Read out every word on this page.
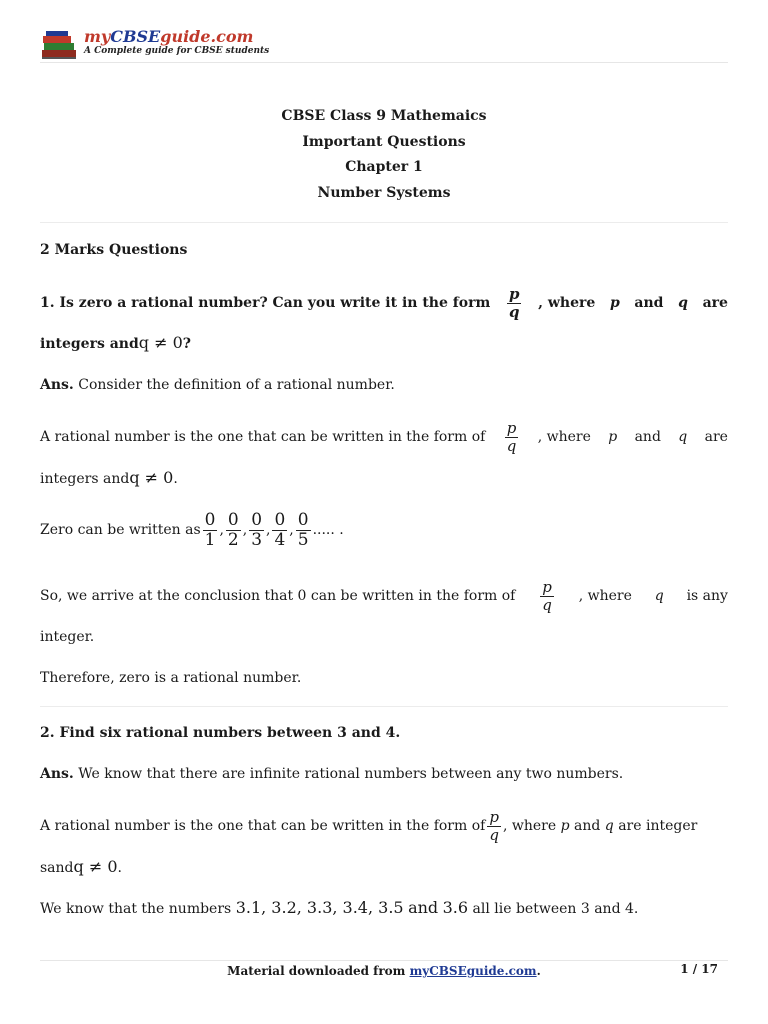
myCBSEguide.com
A Complete guide for CBSE students
CBSE Class 9 Mathemaics
Important Questions
Chapter 1
Number Systems
2 Marks Questions
1. Is zero a rational number? Can you write it in the form $\frac{p}{q}$ , where p and q are
integers andq ≠ 0?
Ans. Consider the definition of a rational number.
A rational number is the one that can be written in the form of $\frac{p}{q}$ , where p and q are
integers andq ≠ 0.
Zero can be written as $\frac{0}{1}$ , $\frac{0}{2}$ , $\frac{0}{3}$ , $\frac{0}{4}$ , $\frac{0}{5}$ ..... .
So, we arrive at the conclusion that 0 can be written in the form of $\frac{p}{q}$ , where q is any
integer.
Therefore, zero is a rational number.
2. Find six rational numbers between 3 and 4.
Ans. We know that there are infinite rational numbers between any two numbers.
A rational number is the one that can be written in the form of $\frac{p}{q}$ , where
p
and
q
are integer
sandq ≠ 0.
We know that the numbers 3.1, 3.2, 3.3, 3.4, 3.5 and 3.6 all lie between 3 and 4.
Material downloaded from myCBSEguide.com.	1 / 17
